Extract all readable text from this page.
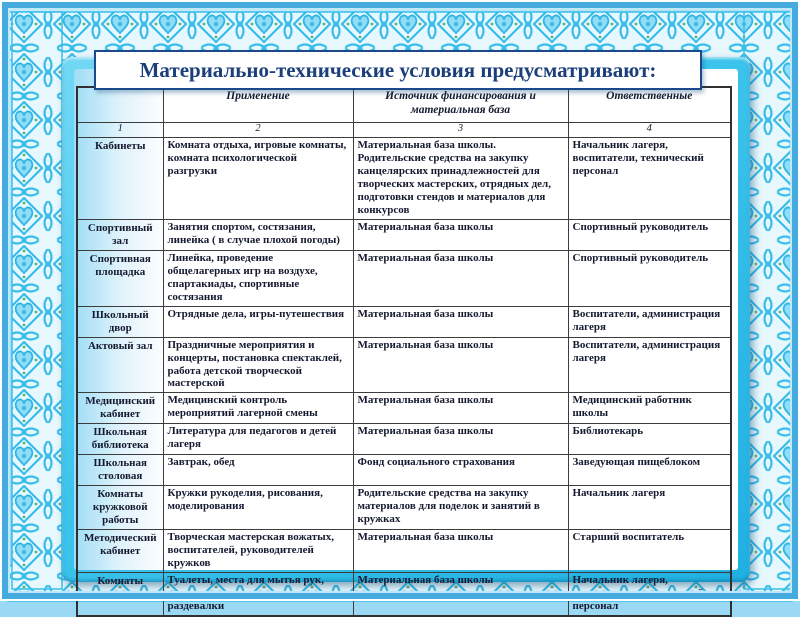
	Применение	Источник финансирования и материальная база	Ответственные
1	2	3	4
Кабинеты	Комната отдыха, игровые комнаты, комната психологической разгрузки	Материальная база школы. Родительские средства на закупку канцелярских принадлежностей для творческих мастерских, отрядных дел, подготовки стендов и материалов для конкурсов	Начальник лагеря, воспитатели, технический персонал
Спортивный зал	Занятия спортом, состязания, линейка ( в случае плохой погоды)	Материальная база школы	Спортивный руководитель
Спортивная площадка	Линейка, проведение общелагерных игр на воздухе, спартакиады, спортивные состязания	Материальная база школы	Спортивный руководитель
Школьный двор	Отрядные дела, игры-путешествия	Материальная база школы	Воспитатели, администрация лагеря
Актовый зал	Праздничные мероприятия и концерты, постановка спектаклей, работа детской творческой мастерской	Материальная база школы	Воспитатели, администрация лагеря
Медицинский кабинет	Медицинский контроль мероприятий лагерной смены	Материальная база школы	Медицинский работник школы
Школьная библиотека	Литература для педагогов и детей лагеря	Материальная база школы	Библиотекарь
Школьная столовая	Завтрак, обед	Фонд социального страхования	Заведующая пищеблоком
Комнаты кружковой работы	Кружки рукоделия, рисования, моделирования	Родительские средства на закупку материалов для поделок и занятий в кружках	Начальник лагеря
Методический кабинет	Творческая мастерская вожатых, воспитателей, руководителей кружков	Материальная база школы	Старший воспитатель
Комнаты гигиены	Туалеты, места для мытья рук, сушилки для полотенец, раздевалки	Материальная база школы	Начальник лагеря, воспитатели, технический персонал
Материально-технические условия предусматривают:
